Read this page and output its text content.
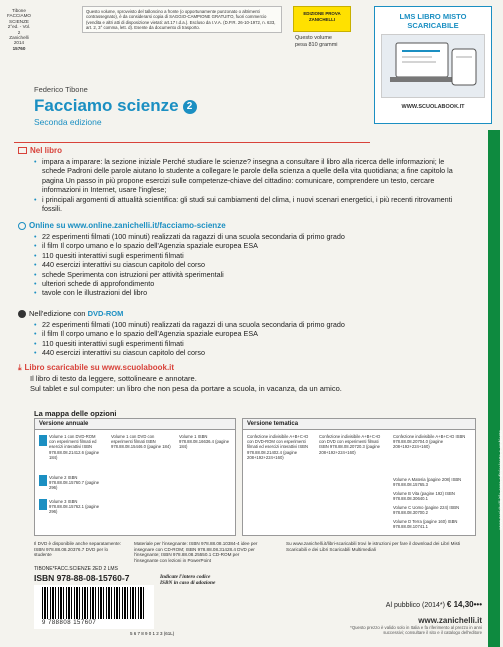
Tibone
FACCIAMO SCIENZE
2°ed. - Vol. 2
Zanichelli 2014
15760
Questo volume, sprovvisto del talloncino a fronte (o opportunamente punzonato o altrimenti contrassegnato), è da considerarsi copia di SAGGIO-CAMPIONE GRATUITO, fuori commercio (vendita e altri atti di disposizione vietati: art.17 I.d.a.). Escluso da I.V.A. (D.P.R. 26-10-1972, n. 633, art. 2, 3° comma, lett. d). Esente da documento di trasporto.
EDIZIONE PROVA
ZANICHELLI
Questo volume
pesa 810 grammi
LMS LIBRO MISTO
SCARICABILE
WWW.SCUOLABOOK.IT
Federico Tibone
Facciamo scienze 2
Seconda edizione
Nel libro
• impara a imparare: la sezione iniziale Perché studiare le scienze? insegna a consultare il libro alla ricerca delle informazioni; le schede Padroni delle parole aiutano lo studente a collegare le parole della scienza a quelle della vita quotidiana; a fine capitolo la pagina Un passo in più propone esercizi sulle competenze-chiave del cittadino: comunicare, comprendere un testo, cercare informazioni in Internet, usare l'inglese;
• i principali argomenti di attualità scientifica: gli studi sui cambiamenti del clima, i nuovi scenari energetici, i più recenti ritrovamenti fossili.
Online su www.online.zanichelli.it/facciamo-scienze
• 22 esperimenti filmati (100 minuti) realizzati da ragazzi di una scuola secondaria di primo grado
• il film Il corpo umano e lo spazio dell'Agenzia spaziale europea ESA
• 110 quesiti interattivi sugli esperimenti filmati
• 440 esercizi interattivi su ciascun capitolo del corso
• schede Sperimenta con istruzioni per attività sperimentali
• ulteriori schede di approfondimento
• tavole con le illustrazioni del libro
Nell'edizione con DVD-ROM
• 22 esperimenti filmati (100 minuti) realizzati da ragazzi di una scuola secondaria di primo grado
• il film Il corpo umano e lo spazio dell'Agenzia spaziale europea ESA
• 110 quesiti interattivi sugli esperimenti filmati
• 440 esercizi interattivi su ciascun capitolo del corso
⤓ Libro scaricabile su www.scuolabook.it
Il libro di testo da leggere, sottolineare e annotare.
Sul tablet e sul computer: un libro che non pesa da portare a scuola, in vacanza, da un amico.
La mappa delle opzioni
Versione annuale
Volume 1 con DVD-ROM con esperimenti filmati ed esercizi interattivi ISBN 978.88.08.21412.6 (pagine 184)
Volume 1 con DVD con esperimenti filmati ISBN 978.88.08.15446.0 (pagine 184)
Volume 1 ISBN 978.88.08.16636.4 (pagine 184)
Volume 2 ISBN 978.88.08.15760.7 (pagine 296)
Volume 3 ISBN 978.88.08.15762.1 (pagine 296)
Versione tematica
Confezione indivisibile A+B+C+D con DVD-ROM con esperimenti filmati ed esercizi interattivi ISBN 978.88.08.21402.4 (pagine 208+192+224+160)
Confezione indivisibile A+B+C+D con DVD con esperimenti filmati ISBN 978.88.08.20720.3 (pagine 208+192+224+160)
Confezione indivisibile A+B+C+D ISBN 978.88.08.20704.0 (pagine 208+192+224+160)
Volume A Materia (pagine 208) ISBN 978.88.08.15765.3
Volume B Vita (pagine 192) ISBN 978.88.08.30640.1
Volume C Uomo (pagine 224) ISBN 978.88.08.30700.2
Volume D Terra (pagine 160) ISBN 978.88.08.10741.1
Il DVD è disponibile anche separatamente: ISBN 978.88.08.20376.7 DVD per lo studente
Materiale per l'insegnante: ISBN 978.88.08.10384-4 idee per insegnare con CD-ROM; ISBN 978.88.08.31428.4 DVD per l'insegnante; ISBN 978.88.08.25550.1 CD-ROM per l'insegnante con lezioni in PowerPoint
Su www.zanichelli.it/libri-scaricabili trovi le istruzioni per fare il download dei Libri Misti Scaricabili e dei Libri Scaricabili Multimediali
TIBONE*FACC.SCIENZE 2ED 2 LMS
ISBN 978-88-08-15760-7	Indicate l'intero codice ISBN in caso di adozione
9 788808 157607
5 6 7 8 9 0 1 2 3 (61L)
Al pubblico (2014*) € 14,30•••
www.zanichelli.it
*Questo prezzo è valido solo in Italia e fa riferimento al prezzo in anni successivi; consultare il sito e il catalogo dell'editore
www.zanichelli.it/la-casa-editrice/carta-e-ambiente
